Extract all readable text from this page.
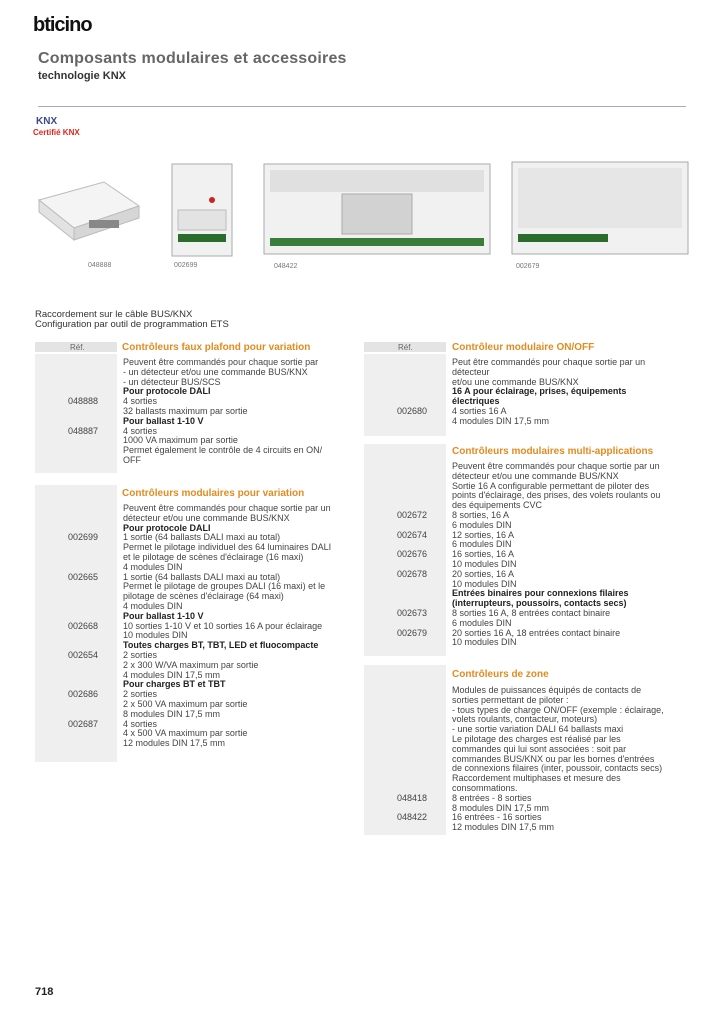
bticino
Composants modulaires et accessoires
technologie KNX
KNX
Certifié KNX
048888	002699	048422	002679
Raccordement sur le câble BUS/KNX
Configuration par outil de programmation ETS
Réf.	Réf.
Contrôleurs faux plafond pour variation
Contrôleurs modulaires pour variation
Contrôleur modulaire ON/OFF
Contrôleurs modulaires multi-applications
Contrôleurs de zone
Peuvent être commandés pour chaque sortie par
- un détecteur et/ou une commande BUS/KNX
- un détecteur BUS/SCS
Pour protocole DALI
048888	4 sorties
32 ballasts maximum par sortie
Pour ballast 1-10 V
048887	4 sorties
1000 VA maximum par sortie
Permet également le contrôle de 4 circuits en ON/
OFF
Peuvent être commandés pour chaque sortie par un
détecteur et/ou une commande BUS/KNX
Pour protocole DALI
002699	1 sortie (64 ballasts DALI maxi au total)
Permet le pilotage individuel des 64 luminaires DALI
et le pilotage de scènes d'éclairage (16 maxi)
4 modules DIN
002665	1 sortie (64 ballasts DALI maxi au total)
Permet le pilotage de groupes DALI (16 maxi) et le
pilotage de scènes d'éclairage (64 maxi)
4 modules DIN
Pour ballast 1-10 V
002668	10 sorties 1-10 V et 10 sorties 16 A pour éclairage
10 modules DIN
Toutes charges BT, TBT, LED et fluocompacte
002654	2 sorties
2 x 300 W/VA maximum par sortie
4 modules DIN 17,5 mm
Pour charges BT et TBT
002686	2 sorties
2 x 500 VA maximum par sortie
8 modules DIN 17,5 mm
002687	4 sorties
4 x 500 VA maximum par sortie
12 modules DIN 17,5 mm
Peut être commandés pour chaque sortie par un
détecteur
et/ou une commande BUS/KNX
16 A pour éclairage, prises, équipements
électriques
002680	4 sorties 16 A
4 modules DIN 17,5 mm
Peuvent être commandés pour chaque sortie par un
détecteur et/ou une commande BUS/KNX
Sortie 16 A configurable permettant de piloter des
points d'éclairage, des prises, des volets roulants ou
des équipements CVC
002672	8 sorties, 16 A
6 modules DIN
002674	12 sorties, 16 A
6 modules DIN
002676	16 sorties, 16 A
10 modules DIN
002678	20 sorties, 16 A
10 modules DIN
Entrées binaires pour connexions filaires
(interrupteurs, poussoirs, contacts secs)
002673	8 sorties 16 A, 8 entrées contact binaire
6 modules DIN
002679	20 sorties 16 A, 18 entrées contact binaire
10 modules DIN
Modules de puissances équipés de contacts de
sorties permettant de piloter :
- tous types de charge ON/OFF (exemple : éclairage,
volets roulants, contacteur, moteurs)
- une sortie variation DALI 64 ballasts maxi
Le pilotage des charges est réalisé par les
commandes qui lui sont associées : soit par
commandes BUS/KNX ou par les bornes d'entrées
de connexions filaires (inter, poussoir, contacts secs)
Raccordement multiphases et mesure des
consommations.
048418	8 entrées - 8 sorties
8 modules DIN 17,5 mm
048422	16 entrées - 16 sorties
12 modules DIN 17,5 mm
718
